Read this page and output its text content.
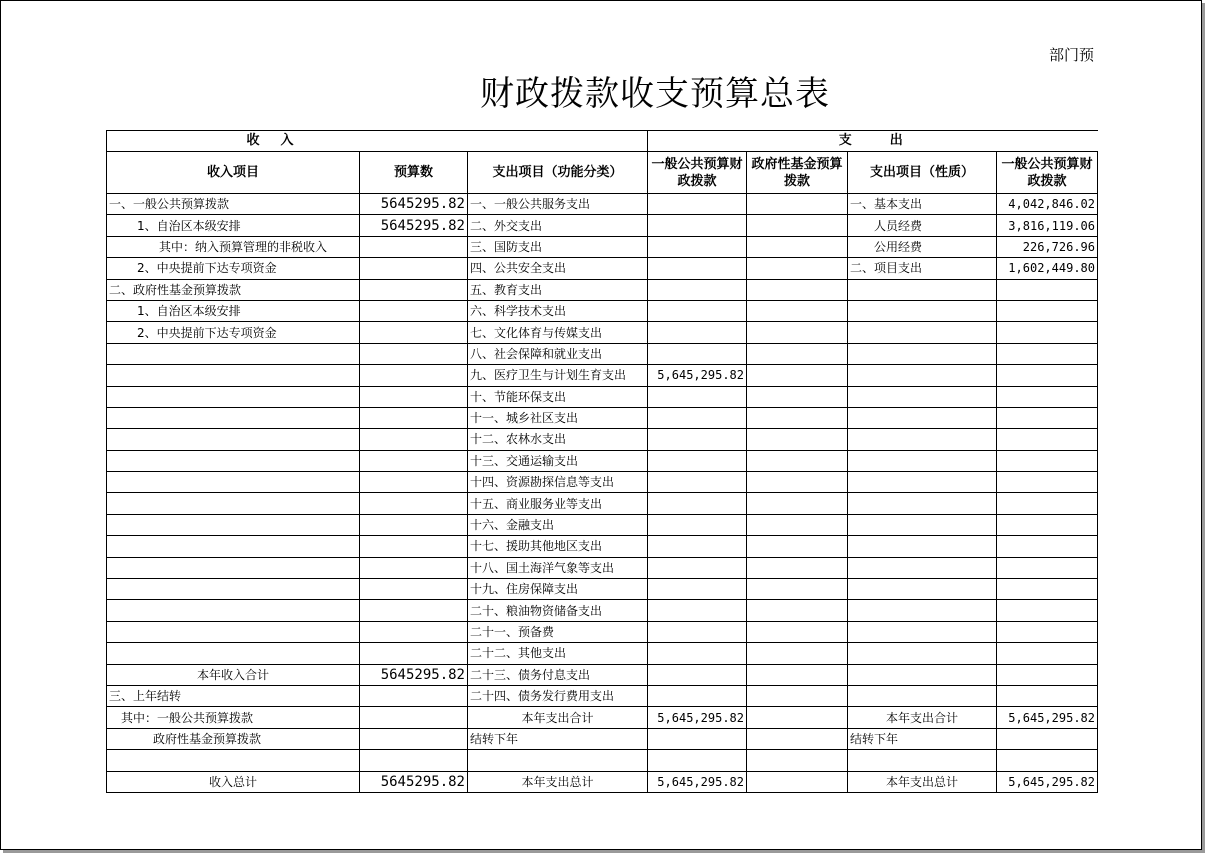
部门预
财政拨款收支预算总表
收　入			支　　出			
收入项目	预算数	支出项目（功能分类）	一般公共预算财政拨款	政府性基金预算拨款	支出项目（性质）	一般公共预算财政拨款
一、一般公共预算拨款	5645295.82	一、一般公共服务支出			一、基本支出	4,042,846.02
1、自治区本级安排	5645295.82	二、外交支出			人员经费	3,816,119.06
其中：纳入预算管理的非税收入		三、国防支出			公用经费	226,726.96
2、中央提前下达专项资金		四、公共安全支出			二、项目支出	1,602,449.80
二、政府性基金预算拨款		五、教育支出				
1、自治区本级安排		六、科学技术支出				
2、中央提前下达专项资金		七、文化体育与传媒支出				
		八、社会保障和就业支出				
		九、医疗卫生与计划生育支出	5,645,295.82			
		十、节能环保支出				
		十一、城乡社区支出				
		十二、农林水支出				
		十三、交通运输支出				
		十四、资源勘探信息等支出				
		十五、商业服务业等支出				
		十六、金融支出				
		十七、援助其他地区支出				
		十八、国土海洋气象等支出				
		十九、住房保障支出				
		二十、粮油物资储备支出				
		二十一、预备费				
		二十二、其他支出				
本年收入合计	5645295.82	二十三、债务付息支出				
三、上年结转		二十四、债务发行费用支出				
其中：一般公共预算拨款		本年支出合计	5,645,295.82		本年支出合计	5,645,295.82
政府性基金预算拨款		结转下年			结转下年	

收入总计	5645295.82	本年支出总计	5,645,295.82		本年支出总计	5,645,295.82
